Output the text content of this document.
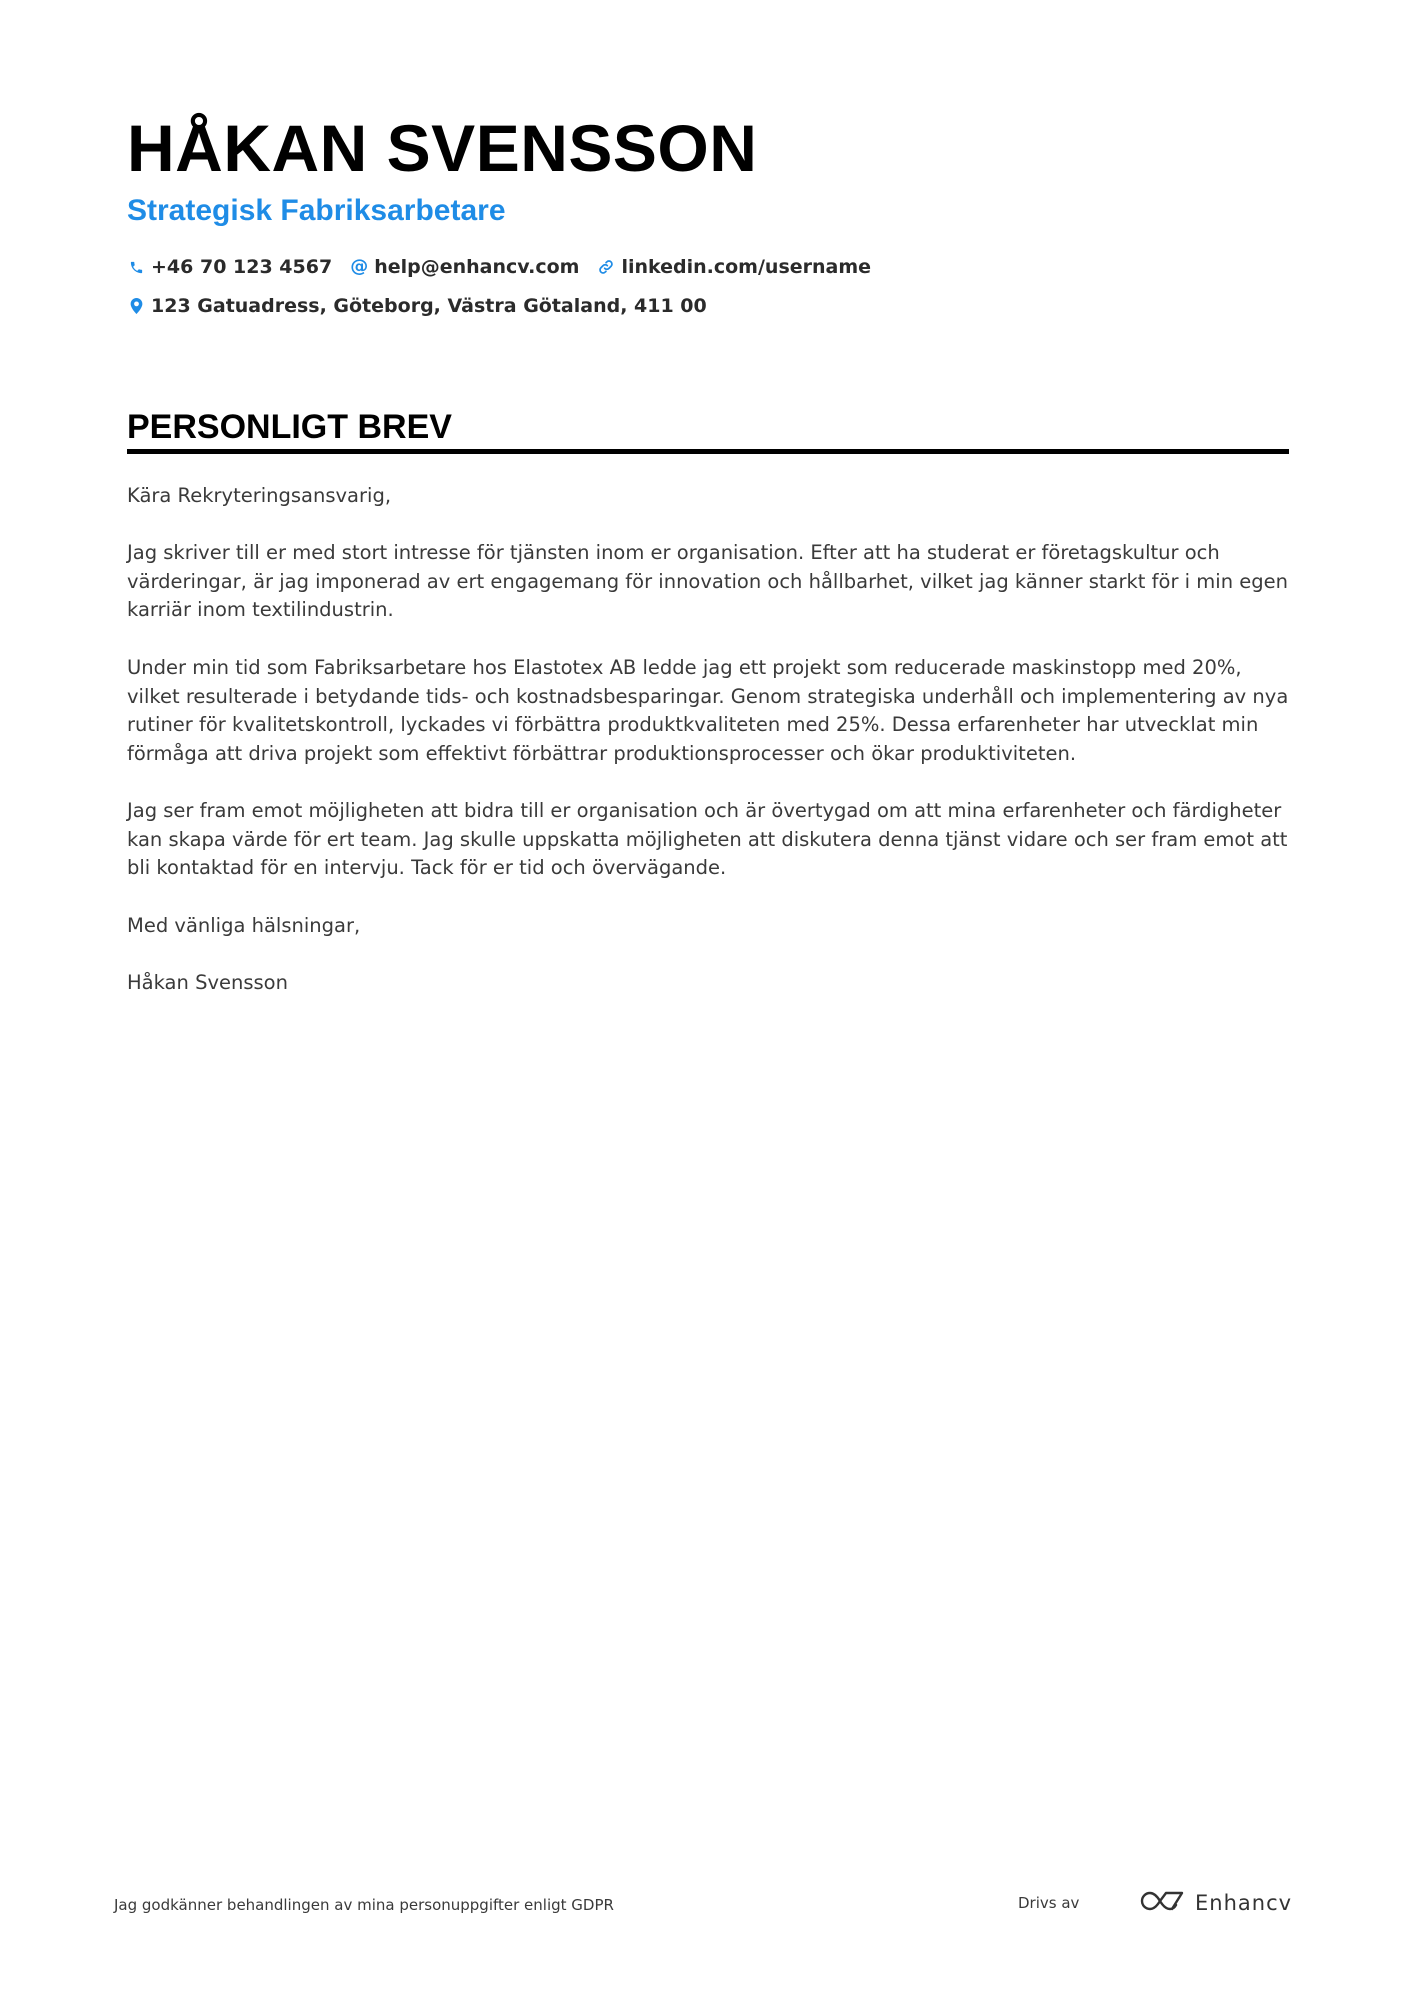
HÅKAN SVENSSON
Strategisk Fabriksarbetare
+46 70 123 4567 @ help@enhancv.com linkedin.com/username
123 Gatuadress, Göteborg, Västra Götaland, 411 00
PERSONLIGT BREV

Kära Rekryteringsansvarig,

Jag skriver till er med stort intresse för tjänsten inom er organisation. Efter att ha studerat er företagskultur och värderingar, är jag imponerad av ert engagemang för innovation och hållbarhet, vilket jag känner starkt för i min egen karriär inom textilindustrin.

Under min tid som Fabriksarbetare hos Elastotex AB ledde jag ett projekt som reducerade maskinstopp med 20%, vilket resulterade i betydande tids- och kostnadsbesparingar. Genom strategiska underhåll och implementering av nya rutiner för kvalitetskontroll, lyckades vi förbättra produktkvaliteten med 25%. Dessa erfarenheter har utvecklat min förmåga att driva projekt som effektivt förbättrar produktionsprocesser och ökar produktiviteten.

Jag ser fram emot möjligheten att bidra till er organisation och är övertygad om att mina erfarenheter och färdigheter kan skapa värde för ert team. Jag skulle uppskatta möjligheten att diskutera denna tjänst vidare och ser fram emot att bli kontaktad för en intervju. Tack för er tid och övervägande.

Med vänliga hälsningar,

Håkan Svensson

Jag godkänner behandlingen av mina personuppgifter enligt GDPR	Drivs av	Enhancv
